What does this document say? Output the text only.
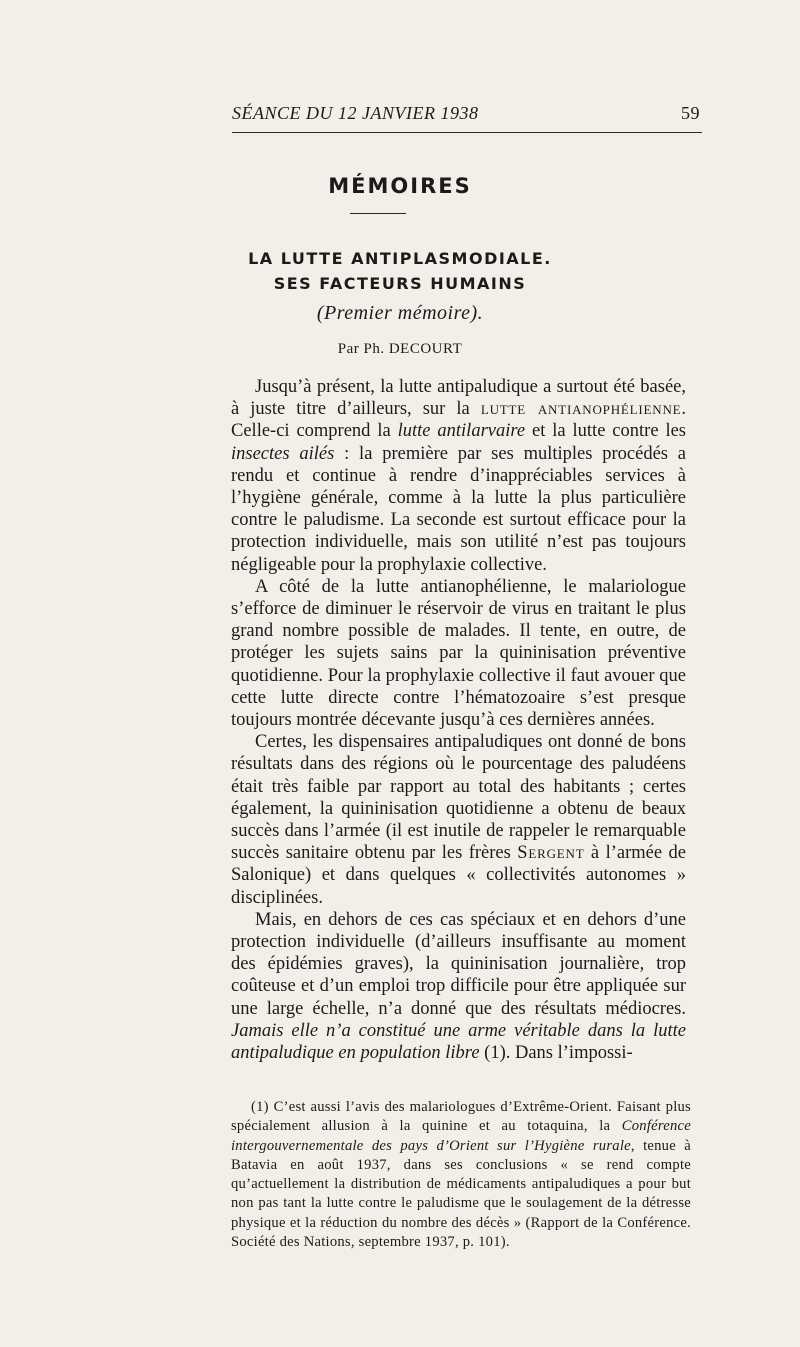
SÉANCE DU 12 JANVIER 1938	59
MÉMOIRES
LA LUTTE ANTIPLASMODIALE.
SES FACTEURS HUMAINS
(Premier mémoire).
Par Ph. DECOURT

Jusqu’à présent, la lutte antipaludique a surtout été basée, à juste titre d’ailleurs, sur la lutte antianophélienne. Celle-ci comprend la lutte antilarvaire et la lutte contre les insectes ailés : la première par ses multiples procédés a rendu et continue à rendre d’inappréciables services à l’hygiène générale, comme à la lutte la plus particulière contre le paludisme. La seconde est surtout efficace pour la protection individuelle, mais son utilité n’est pas toujours négligeable pour la prophylaxie collective.

A côté de la lutte antianophélienne, le malariologue s’efforce de diminuer le réservoir de virus en traitant le plus grand nombre possible de malades. Il tente, en outre, de protéger les sujets sains par la quininisation préventive quotidienne. Pour la prophylaxie collective il faut avouer que cette lutte directe contre l’hématozoaire s’est presque toujours montrée décevante jusqu’à ces dernières années.

Certes, les dispensaires antipaludiques ont donné de bons résultats dans des régions où le pourcentage des paludéens était très faible par rapport au total des habitants ; certes également, la quininisation quotidienne a obtenu de beaux succès dans l’armée (il est inutile de rappeler le remarquable succès sanitaire obtenu par les frères Sergent à l’armée de Salonique) et dans quelques « collectivités autonomes » disciplinées.

Mais, en dehors de ces cas spéciaux et en dehors d’une protection individuelle (d’ailleurs insuffisante au moment des épidémies graves), la quininisation journalière, trop coûteuse et d’un emploi trop difficile pour être appliquée sur une large échelle, n’a donné que des résultats médiocres. Jamais elle n’a constitué une arme véritable dans la lutte antipaludique en population libre (1). Dans l’impossi-

(1) C’est aussi l’avis des malariologues d’Extrême-Orient. Faisant plus spécialement allusion à la quinine et au totaquina, la Conférence intergouvernementale des pays d’Orient sur l’Hygiène rurale, tenue à Batavia en août 1937, dans ses conclusions « se rend compte qu’actuellement la distribution de médicaments antipaludiques a pour but non pas tant la lutte contre le paludisme que le soulagement de la détresse physique et la réduction du nombre des décès » (Rapport de la Conférence. Société des Nations, septembre 1937, p. 101).
